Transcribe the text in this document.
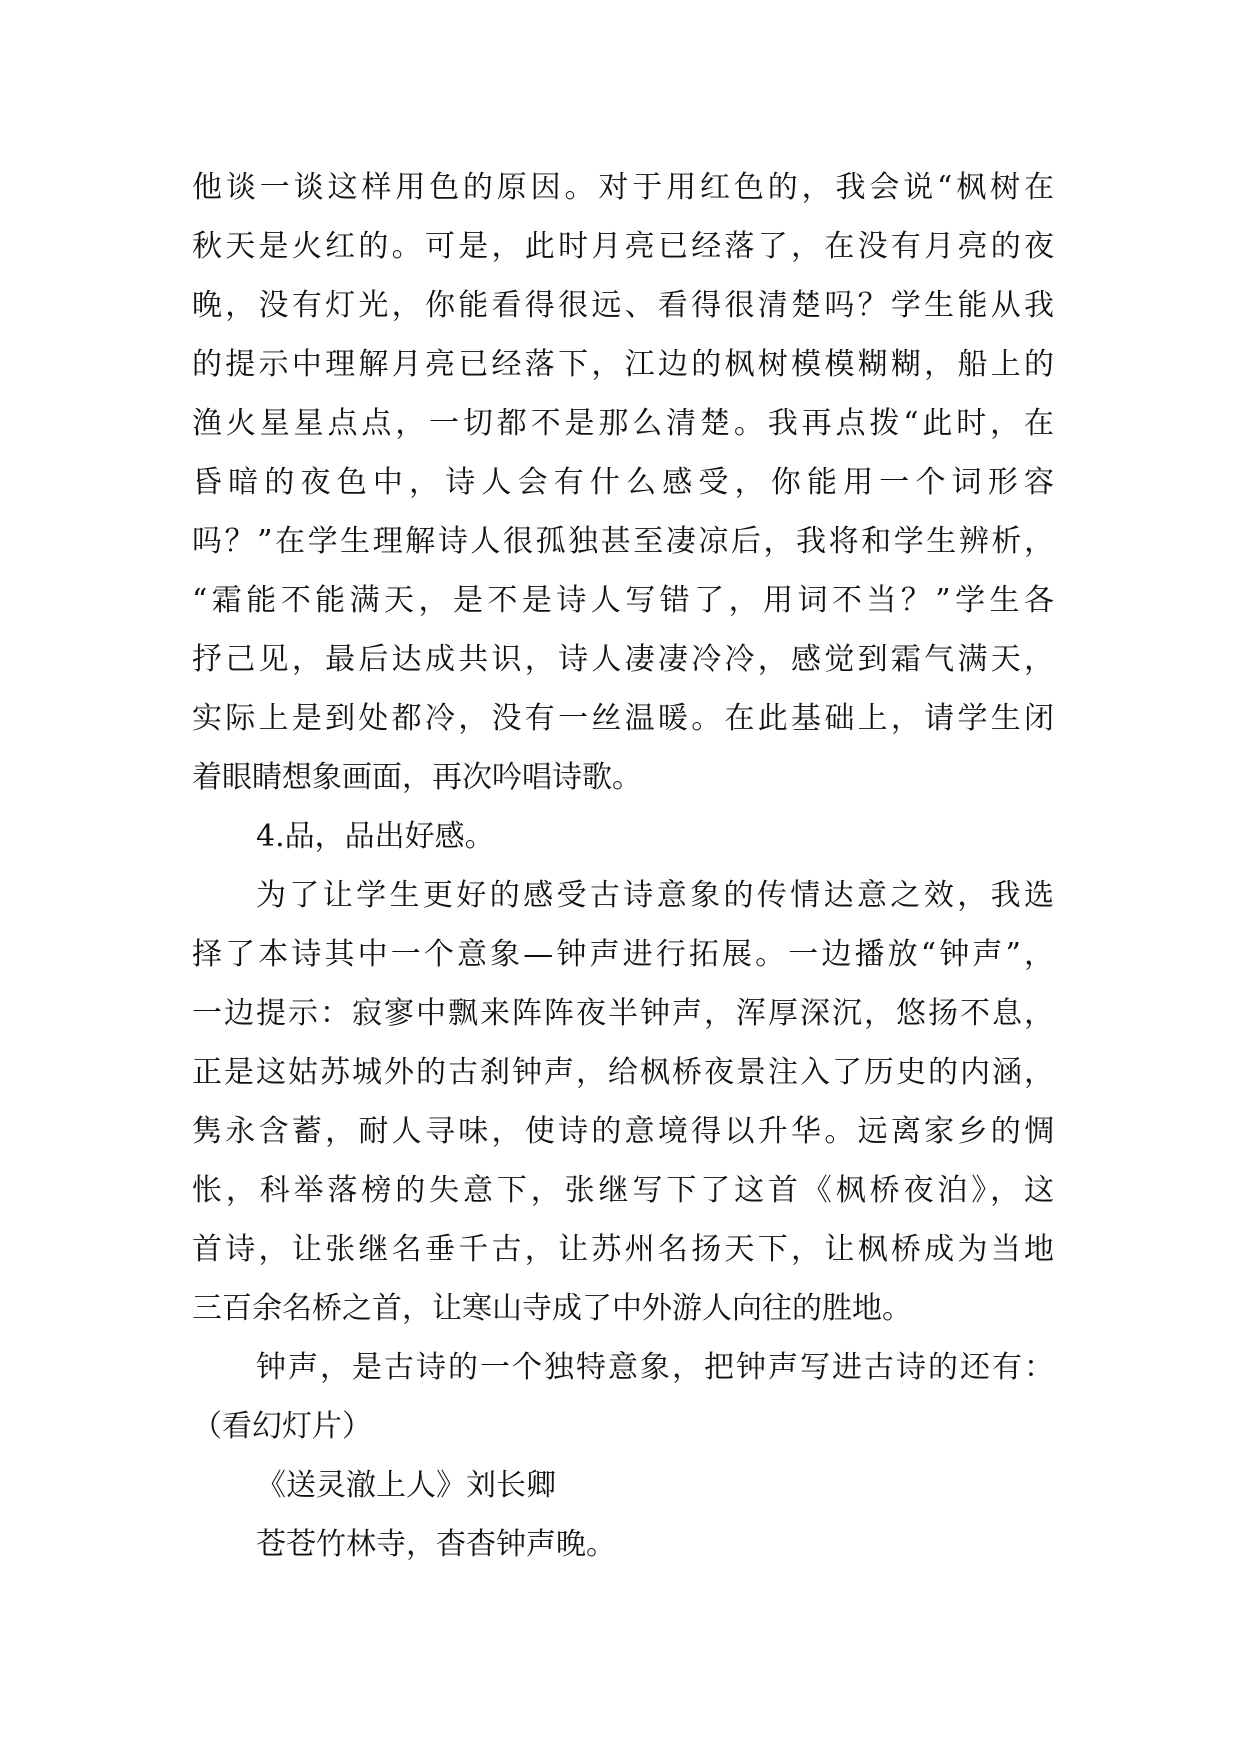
他谈一谈这样用色的原因。对于用红色的，我会说“枫树在
秋天是火红的。可是，此时月亮已经落了，在没有月亮的夜
晚，没有灯光，你能看得很远、看得很清楚吗？学生能从我
的提示中理解月亮已经落下，江边的枫树模模糊糊，船上的
渔火星星点点，一切都不是那么清楚。我再点拨“此时，在
昏暗的夜色中，诗人会有什么感受，你能用一个词形容
吗？”在学生理解诗人很孤独甚至凄凉后，我将和学生辨析，
“霜能不能满天，是不是诗人写错了，用词不当？”学生各
抒己见，最后达成共识，诗人凄凄冷冷，感觉到霜气满天，
实际上是到处都冷，没有一丝温暖。在此基础上，请学生闭
着眼睛想象画面，再次吟唱诗歌。
4.品，品出好感。
为了让学生更好的感受古诗意象的传情达意之效，我选
择了本诗其中一个意象—钟声进行拓展。一边播放“钟声”，
一边提示：寂寥中飘来阵阵夜半钟声，浑厚深沉，悠扬不息，
正是这姑苏城外的古刹钟声，给枫桥夜景注入了历史的内涵，
隽永含蓄，耐人寻味，使诗的意境得以升华。远离家乡的惆
怅，科举落榜的失意下，张继写下了这首《枫桥夜泊》，这
首诗，让张继名垂千古，让苏州名扬天下，让枫桥成为当地
三百余名桥之首，让寒山寺成了中外游人向往的胜地。
钟声，是古诗的一个独特意象，把钟声写进古诗的还有：
（看幻灯片）
《送灵澈上人》刘长卿
苍苍竹林寺，杳杳钟声晚。
